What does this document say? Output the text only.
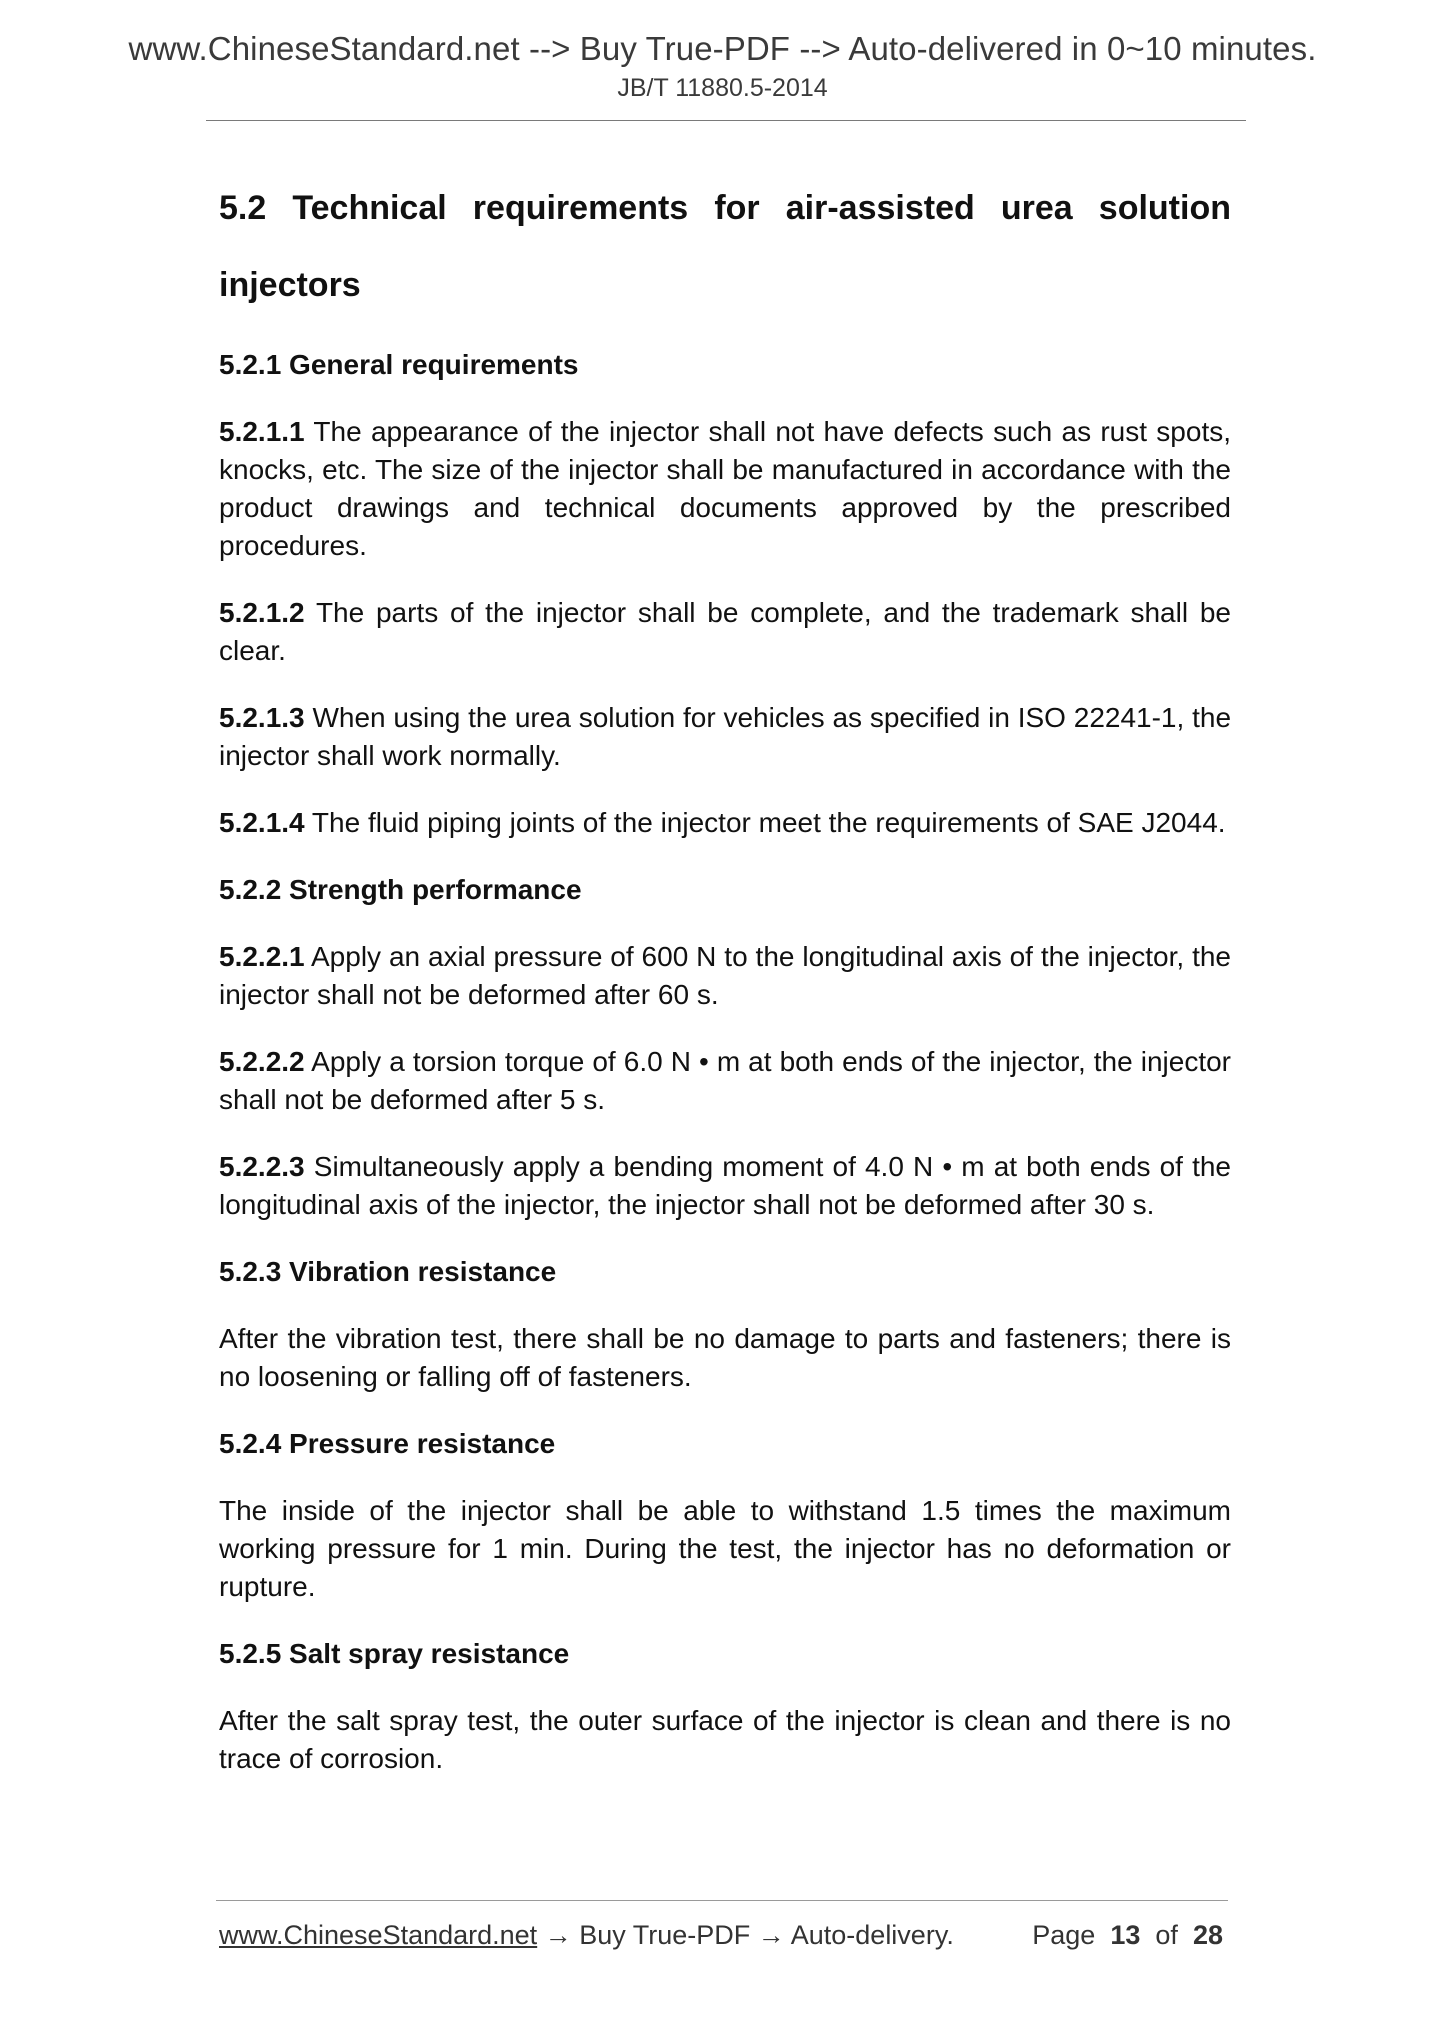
www.ChineseStandard.net --> Buy True-PDF --> Auto-delivered in 0~10 minutes.
JB/T 11880.5-2014
5.2 Technical requirements for air-assisted urea solution injectors
5.2.1 General requirements

5.2.1.1 The appearance of the injector shall not have defects such as rust spots, knocks, etc. The size of the injector shall be manufactured in accordance with the product drawings and technical documents approved by the prescribed procedures.

5.2.1.2 The parts of the injector shall be complete, and the trademark shall be clear.

5.2.1.3 When using the urea solution for vehicles as specified in ISO 22241-1, the injector shall work normally.

5.2.1.4 The fluid piping joints of the injector meet the requirements of SAE J2044.

5.2.2 Strength performance

5.2.2.1 Apply an axial pressure of 600 N to the longitudinal axis of the injector, the injector shall not be deformed after 60 s.

5.2.2.2 Apply a torsion torque of 6.0 N • m at both ends of the injector, the injector shall not be deformed after 5 s.

5.2.2.3 Simultaneously apply a bending moment of 4.0 N • m at both ends of the longitudinal axis of the injector, the injector shall not be deformed after 30 s.

5.2.3 Vibration resistance

After the vibration test, there shall be no damage to parts and fasteners; there is no loosening or falling off of fasteners.

5.2.4 Pressure resistance

The inside of the injector shall be able to withstand 1.5 times the maximum working pressure for 1 min. During the test, the injector has no deformation or rupture.

5.2.5 Salt spray resistance

After the salt spray test, the outer surface of the injector is clean and there is no trace of corrosion.

www.ChineseStandard.net → Buy True-PDF → Auto-delivery.	Page 13 of 28
